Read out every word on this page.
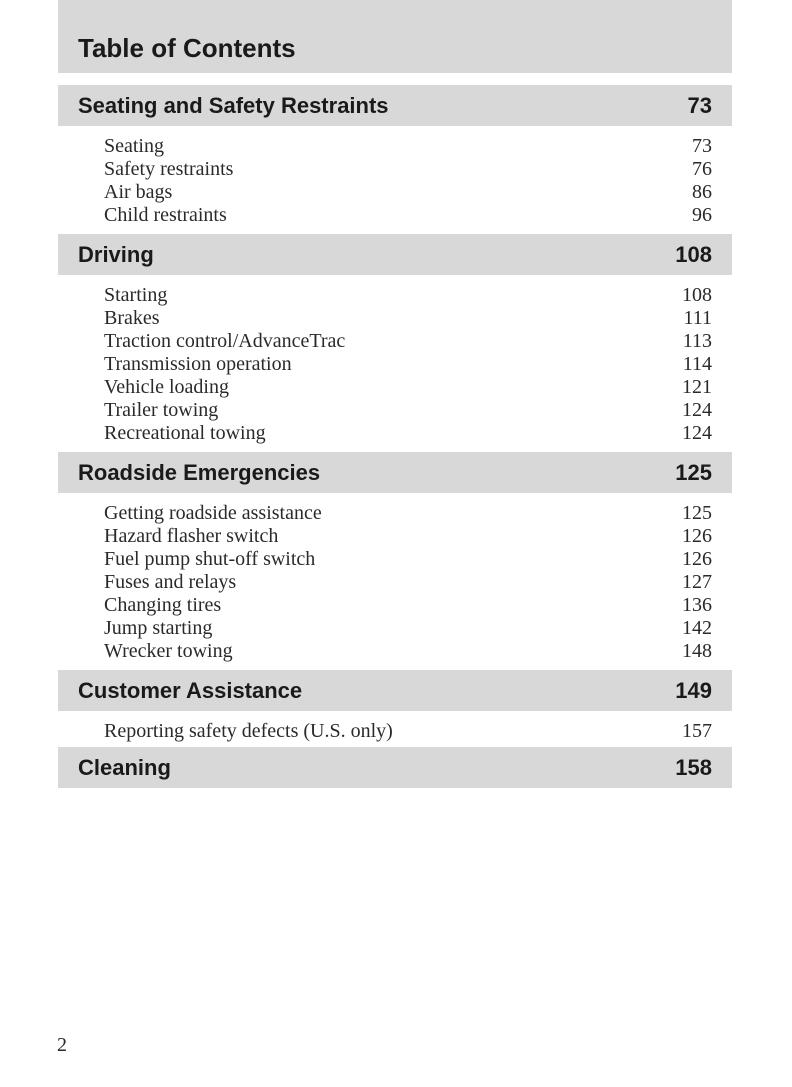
Table of Contents
Seating and Safety Restraints	73
Seating	73
Safety restraints	76
Air bags	86
Child restraints	96
Driving	108
Starting	108
Brakes	111
Traction control/AdvanceTrac	113
Transmission operation	114
Vehicle loading	121
Trailer towing	124
Recreational towing	124
Roadside Emergencies	125
Getting roadside assistance	125
Hazard flasher switch	126
Fuel pump shut-off switch	126
Fuses and relays	127
Changing tires	136
Jump starting	142
Wrecker towing	148
Customer Assistance	149
Reporting safety defects (U.S. only)	157
Cleaning	158
2
